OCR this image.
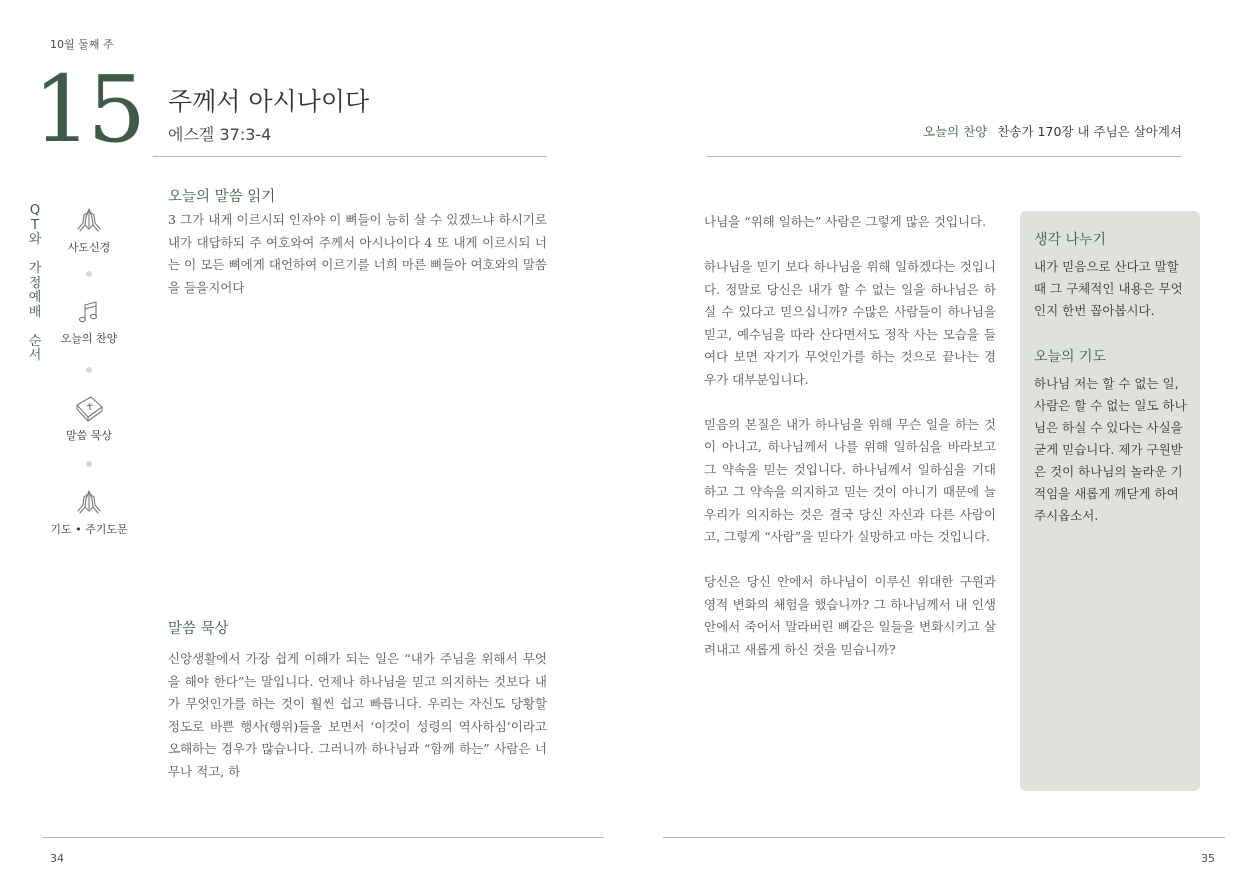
10월 둘째 주
15 주께서 아시나이다
에스겔 37:3-4
Q
T
와
가
정
예
배
순
서
사도신경
오늘의 찬양
말씀 묵상
기도 • 주기도문
오늘의 말씀 읽기
3 그가 내게 이르시되 인자야 이 뼈들이 능히 살 수 있겠느냐 하시기로 내가 대답하되 주 여호와여 주께서 아시나이다 4 또 내게 이르시되 너는 이 모든 뼈에게 대언하여 이르기를 너희 마른 뼈들아 여호와의 말씀을 들을지어다
말씀 묵상
신앙생활에서 가장 쉽게 이해가 되는 일은 “내가 주님을 위해서 무엇을 해야 한다”는 말입니다. 언제나 하나님을 믿고 의지하는 것보다 내가 무엇인가를 하는 것이 훨씬 쉽고 빠릅니다. 우리는 자신도 당황할 정도로 바쁜 행사(행위)들을 보면서 ‘이것이 성령의 역사하심’이라고 오해하는 경우가 많습니다. 그러니까 하나님과 “함께 하는” 사람은 너무나 적고, 하
34
오늘의 찬양 찬송가 170장 내 주님은 살아계셔

나님을 “위해 일하는” 사람은 그렇게 많은 것입니다.

하나님을 믿기 보다 하나님을 위해 일하겠다는 것입니다. 정말로 당신은 내가 할 수 없는 일을 하나님은 하실 수 있다고 믿으십니까? 수많은 사람들이 하나님을 믿고, 예수님을 따라 산다면서도 정작 사는 모습을 들여다 보면 자기가 무엇인가를 하는 것으로 끝나는 경우가 대부분입니다.

믿음의 본질은 내가 하나님을 위해 무슨 일을 하는 것이 아니고, 하나님께서 나를 위해 일하심을 바라보고 그 약속을 믿는 것입니다. 하나님께서 일하심을 기대하고 그 약속을 의지하고 믿는 것이 아니기 때문에 늘 우리가 의지하는 것은 결국 당신 자신과 다른 사람이고, 그렇게 “사람”을 믿다가 실망하고 마는 것입니다.

당신은 당신 안에서 하나님이 이루신 위대한 구원과 영적 변화의 체험을 했습니까? 그 하나님께서 내 인생 안에서 죽어서 말라버린 뼈같은 일들을 변화시키고 살려내고 새롭게 하신 것을 믿습니까?

생각 나누기
내가 믿음으로 산다고 말할 때 그 구체적인 내용은 무엇인지 한번 꼽아봅시다.
오늘의 기도
하나님 저는 할 수 없는 일, 사람은 할 수 없는 일도 하나님은 하실 수 있다는 사실을 굳게 믿습니다. 제가 구원받은 것이 하나님의 놀라운 기적임을 새롭게 깨닫게 하여 주시옵소서.
35
